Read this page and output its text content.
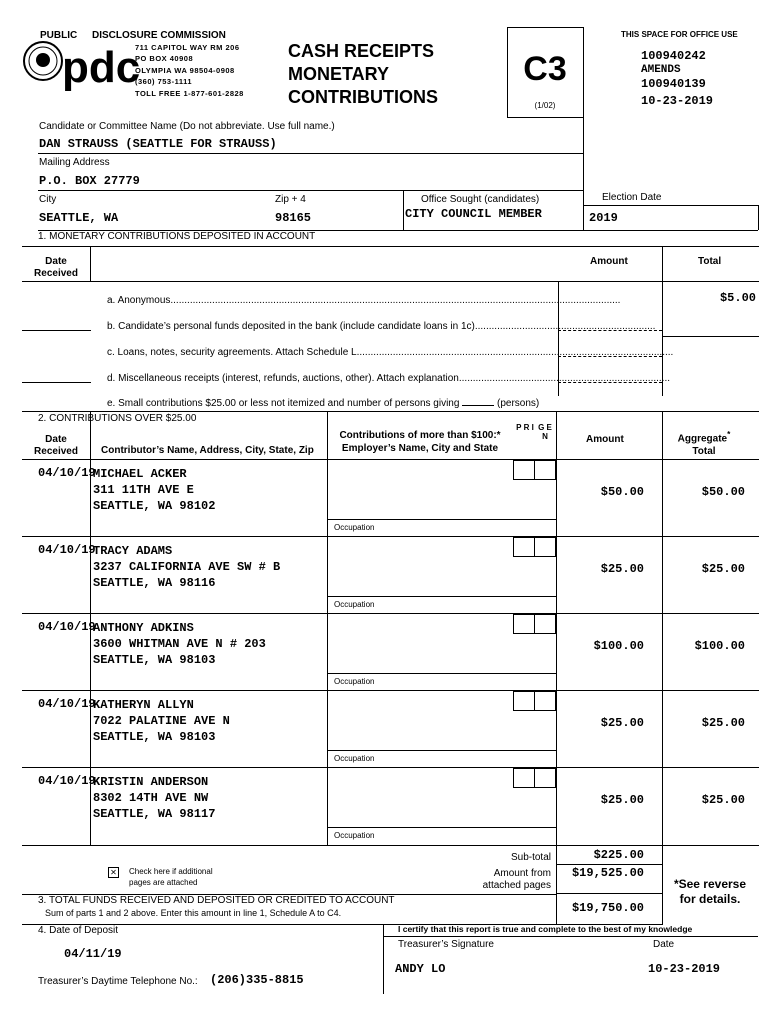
PUBLIC DISCLOSURE COMMISSION
pdc
711 CAPITOL WAY RM 206
PO BOX 40908
OLYMPIA WA 98504-0908
(360) 753-1111
TOLL FREE 1-877-601-2828
CASH RECEIPTS
MONETARY
CONTRIBUTIONS
C3
(1/02)
THIS SPACE FOR OFFICE USE
100940242
AMENDS
100940139
10-23-2019
Candidate or Committee Name (Do not abbreviate. Use full name.)
DAN STRAUSS (SEATTLE FOR STRAUSS)
Mailing Address
P.O. BOX 27779
City
SEATTLE, WA
Zip + 4
98165
Office Sought (candidates)
CITY COUNCIL MEMBER
Election Date
2019
1. MONETARY CONTRIBUTIONS DEPOSITED IN ACCOUNT
Date Received
Amount	Total
a. Anonymous..................................................................................................................................................................	$5.00
b. Candidate’s personal funds deposited in the bank (include candidate loans in 1c).................................................................
c. Loans, notes, security agreements. Attach Schedule L..................................................................................................................
d. Miscellaneous receipts (interest, refunds, auctions, other). Attach explanation............................................................................
e. Small contributions $25.00 or less not itemized and number of persons giving	(persons)
2. CONTRIBUTIONS OVER $25.00
Date Received	Contributor’s Name, Address, City, State, Zip
Contributions of more than $100:*
Employer’s Name, City and State
P R I G E N	Amount	Aggregate*
Total
04/10/19
MICHAEL ACKER
311 11TH AVE E
SEATTLE, WA 98102
$50.00	$50.00
Occupation
04/10/19
TRACY ADAMS
3237 CALIFORNIA AVE SW # B
SEATTLE, WA 98116
$25.00	$25.00
Occupation
04/10/19
ANTHONY ADKINS
3600 WHITMAN AVE N # 203
SEATTLE, WA 98103
$100.00	$100.00
Occupation
04/10/19
KATHERYN ALLYN
7022 PALATINE AVE N
SEATTLE, WA 98103
$25.00	$25.00
Occupation
04/10/19
KRISTIN ANDERSON
8302 14TH AVE NW
SEATTLE, WA 98117
$25.00	$25.00
Occupation
✕ Check here if additional
pages are attached
Sub-total	$225.00
Amount from
attached pages
$19,525.00
3. TOTAL FUNDS RECEIVED AND DEPOSITED OR CREDITED TO ACCOUNT
Sum of parts 1 and 2 above. Enter this amount in line 1, Schedule A to C4.	$19,750.00
*See reverse
for details.
4. Date of Deposit
04/11/19
I certify that this report is true and complete to the best of my knowledge
Treasurer’s Signature	Date
ANDY LO	10-23-2019
Treasurer’s Daytime Telephone No.: (206)335-8815
